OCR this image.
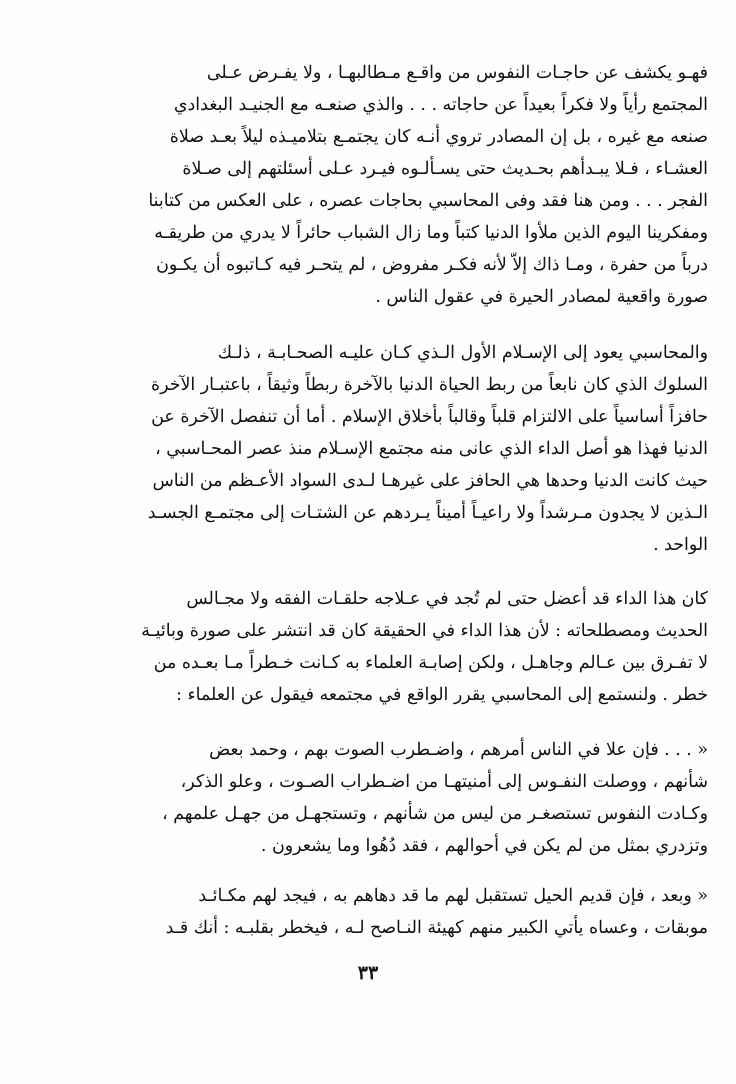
فهـو يكشف عن حاجـات النفوس من واقـع مـطالبهـا ، ولا يفـرض عـلى
المجتمع رأياً ولا فكراً بعيداً عن حاجاته . . . والذي صنعـه مع الجنيـد البغدادي
صنعه مع غيره ، بل إن المصادر تروي أنـه كان يجتمـع بتلاميـذه ليلاً بعـد صلاة
العشـاء ، فـلا يبـدأهم بحـديث حتى يسـألـوه فيـرد عـلى أسئلتهم إلى صـلاة
الفجر . . . ومن هنا فقد وفى المحاسبي بحاجات عصره ، على العكس من كتابنا
ومفكرينا اليوم الذين ملأوا الدنيا كتباً وما زال الشباب حائراً لا يدري من طريقـه
درباً من حفرة ، ومـا ذاك إلاّ لأنه فكـر مفروض ، لم يتحـر فيه كـاتبوه أن يكـون
صورة واقعية لمصادر الحيرة في عقول الناس .
والمحاسبي يعود إلى الإسـلام الأول الـذي كـان عليـه الصحـابـة ، ذلـك
السلوك الذي كان نابعاً من ربط الحياة الدنيا بالآخرة ربطاً وثيقاً ، باعتبـار الآخرة
حافزاً أساسياً على الالتزام قلباً وقالباً بأخلاق الإسلام . أما أن تنفصل الآخرة عن
الدنيا فهذا هو أصل الداء الذي عانى منه مجتمع الإسـلام منذ عصر المحـاسبي ،
حيث كانت الدنيا وحدها هي الحافز على غيرهـا لـدى السواد الأعـظم من الناس
الـذين لا يجدون مـرشداً ولا راعيـاً أميناً يـردهم عن الشتـات إلى مجتمـع الجسـد
الواحد .
كان هذا الداء قد أعضل حتى لم تُجد في عـلاجه حلقـات الفقه ولا مجـالس
الحديث ومصطلحاته : لأن هذا الداء في الحقيقة كان قد انتشر على صورة وبائيـة
لا تفـرق بين عـالم وجاهـل ، ولكن إصابـة العلماء به كـانت خـطراً مـا بعـده من
خطر . ولنستمع إلى المحاسبي يقرر الواقع في مجتمعه فيقول عن العلماء :
« . . . فإن علا في الناس أمرهم ، واضـطرب الصوت بهم ، وحمد بعض
شأنهم ، ووصلت النفـوس إلى أمنيتهـا من اضـطراب الصـوت ، وعلو الذكر،
وكـادت النفوس تستصغـر من ليس من شأنهم ، وتستجهـل من جهـل علمهم ،
وتزدري بمثل من لم يكن في أحوالهم ، فقد دُهُوا وما يشعرون .
« وبعد ، فإن قديم الحيل تستقبل لهم ما قد دهاهم به ، فيجد لهم مكـائـد
موبقات ، وعساه يأتي الكبير منهم كهيئة النـاصح لـه ، فيخطر بقلبـه : أنك قـد
٣٣
